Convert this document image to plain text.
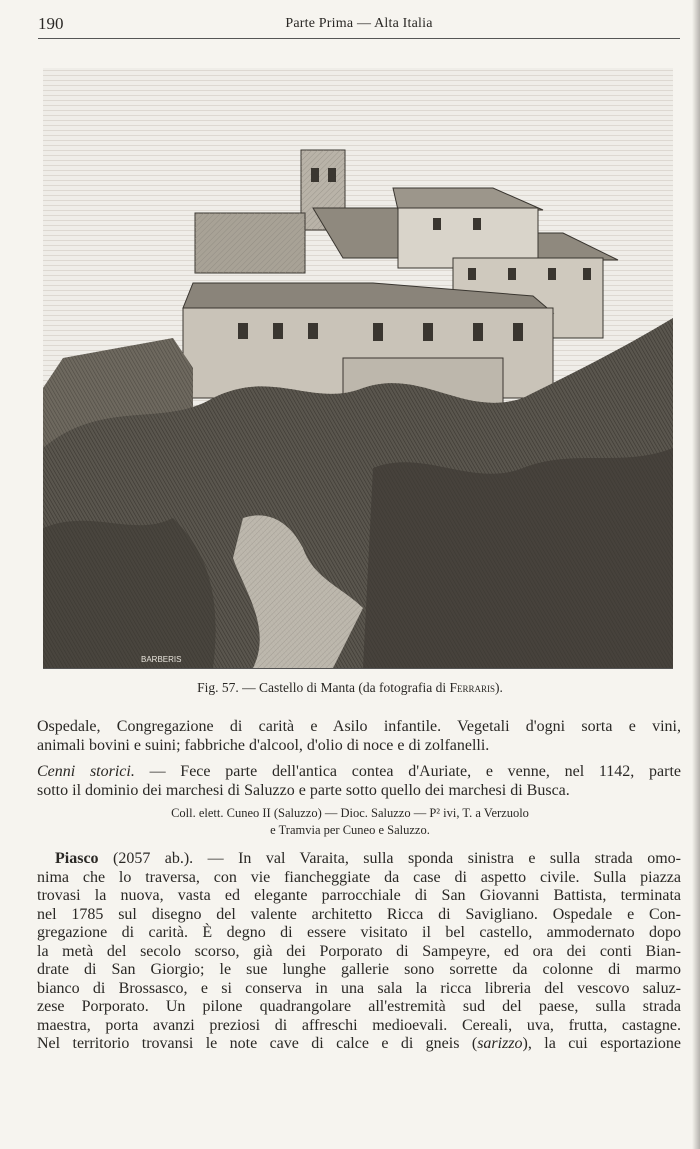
190	Parte Prima — Alta Italia
BARBERIS
Fig. 57. — Castello di Manta (da fotografia di Ferraris).
Ospedale, Congregazione di carità e Asilo infantile. Vegetali d'ogni sorta e vini,
animali bovini e suini; fabbriche d'alcool, d'olio di noce e di zolfanelli.
Cenni storici. — Fece parte dell'antica contea d'Auriate, e venne, nel 1142, parte
sotto il dominio dei marchesi di Saluzzo e parte sotto quello dei marchesi di Busca.
Coll. elett. Cuneo II (Saluzzo) — Dioc. Saluzzo — P² ivi, T. a Verzuolo
e Tramvia per Cuneo e Saluzzo.
Piasco (2057 ab.). — In val Varaita, sulla sponda sinistra e sulla strada omo-
nima che lo traversa, con vie fiancheggiate da case di aspetto civile. Sulla piazza
trovasi la nuova, vasta ed elegante parrocchiale di San Giovanni Battista, terminata
nel 1785 sul disegno del valente architetto Ricca di Savigliano. Ospedale e Con-
gregazione di carità. È degno di essere visitato il bel castello, ammodernato dopo
la metà del secolo scorso, già dei Porporato di Sampeyre, ed ora dei conti Bian-
drate di San Giorgio; le sue lunghe gallerie sono sorrette da colonne di marmo
bianco di Brossasco, e si conserva in una sala la ricca libreria del vescovo saluz-
zese Porporato. Un pilone quadrangolare all'estremità sud del paese, sulla strada
maestra, porta avanzi preziosi di affreschi medioevali. Cereali, uva, frutta, castagne.
Nel territorio trovansi le note cave di calce e di gneis (sarizzo), la cui esportazione
